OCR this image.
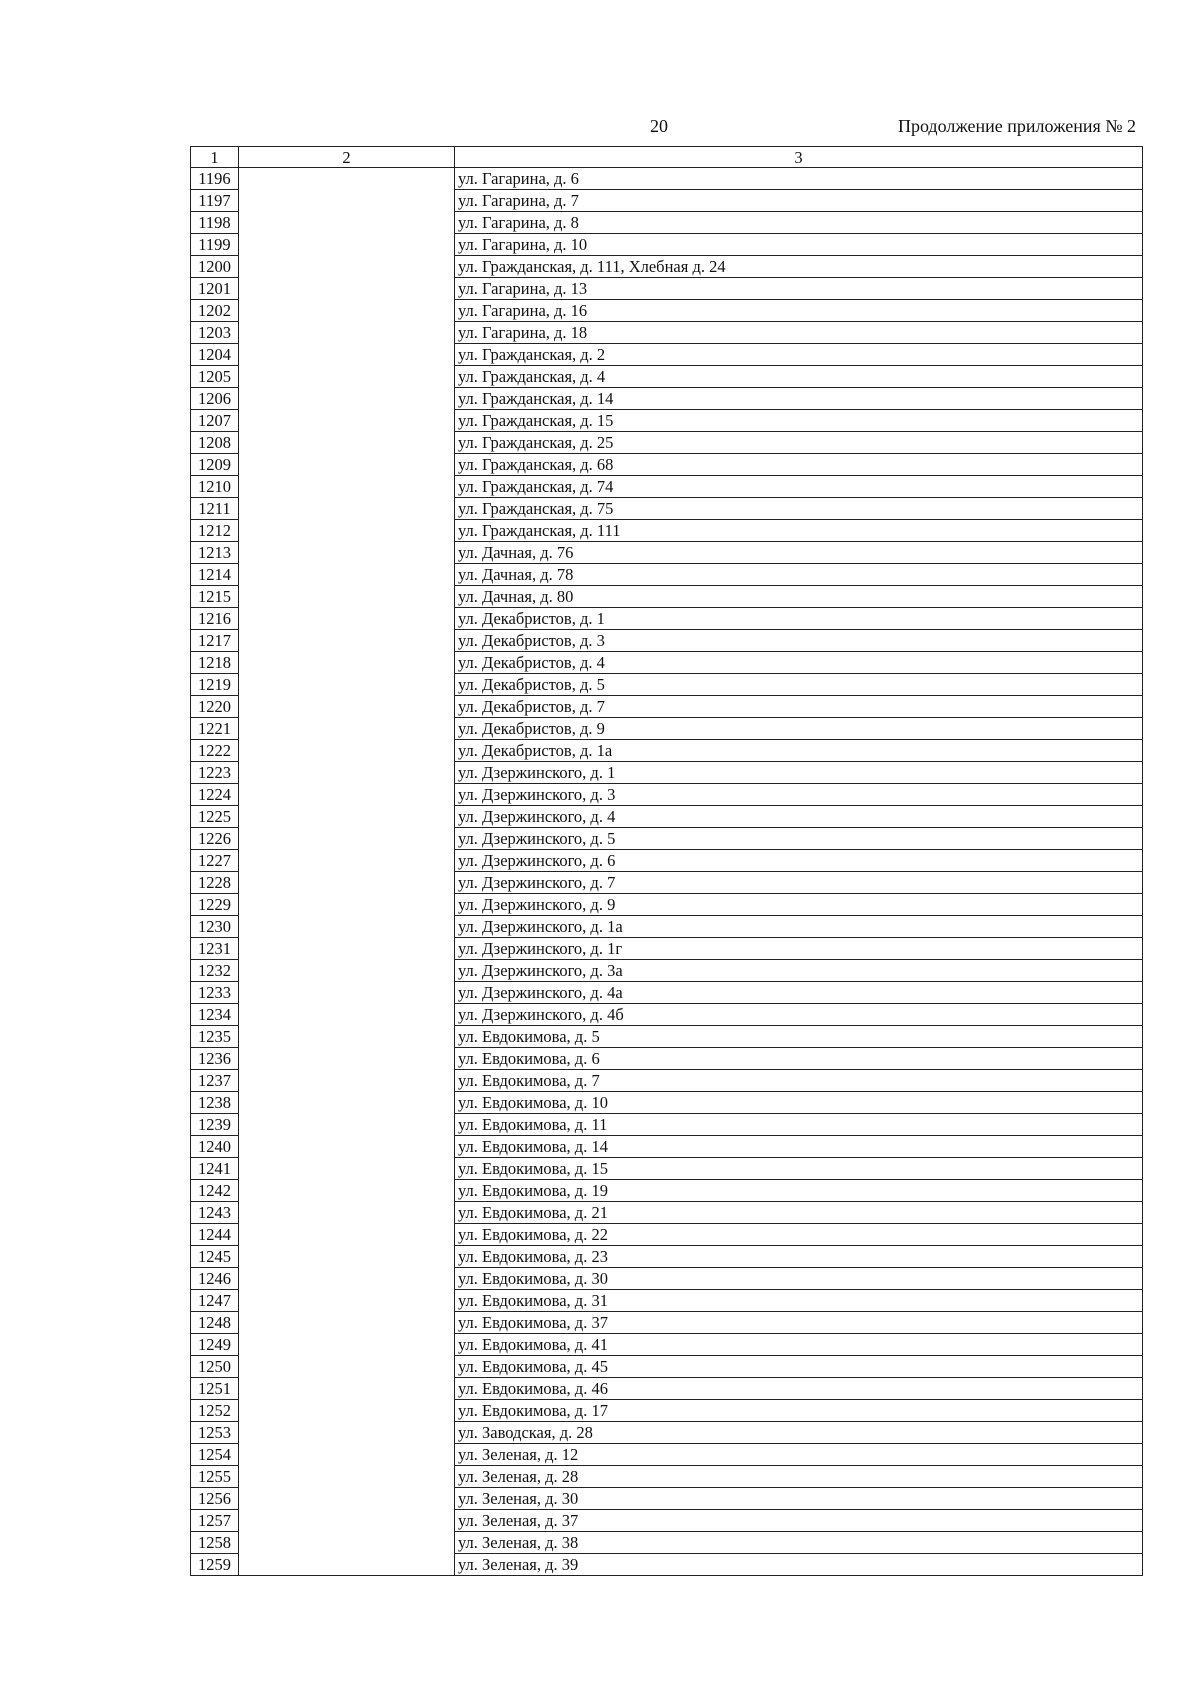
20	Продолжение приложения № 2
1	2	3
1196		ул. Гагарина, д. 6
1197		ул. Гагарина, д. 7
1198		ул. Гагарина, д. 8
1199		ул. Гагарина, д. 10
1200		ул. Гражданская, д. 111, Хлебная д. 24
1201		ул. Гагарина, д. 13
1202		ул. Гагарина, д. 16
1203		ул. Гагарина, д. 18
1204		ул. Гражданская, д. 2
1205		ул. Гражданская, д. 4
1206		ул. Гражданская, д. 14
1207		ул. Гражданская, д. 15
1208		ул. Гражданская, д. 25
1209		ул. Гражданская, д. 68
1210		ул. Гражданская, д. 74
1211		ул. Гражданская, д. 75
1212		ул. Гражданская, д. 111
1213		ул. Дачная, д. 76
1214		ул. Дачная, д. 78
1215		ул. Дачная, д. 80
1216		ул. Декабристов, д. 1
1217		ул. Декабристов, д. 3
1218		ул. Декабристов, д. 4
1219		ул. Декабристов, д. 5
1220		ул. Декабристов, д. 7
1221		ул. Декабристов, д. 9
1222		ул. Декабристов, д. 1а
1223		ул. Дзержинского, д. 1
1224		ул. Дзержинского, д. 3
1225		ул. Дзержинского, д. 4
1226		ул. Дзержинского, д. 5
1227		ул. Дзержинского, д. 6
1228		ул. Дзержинского, д. 7
1229		ул. Дзержинского, д. 9
1230		ул. Дзержинского, д. 1а
1231		ул. Дзержинского, д. 1г
1232		ул. Дзержинского, д. 3а
1233		ул. Дзержинского, д. 4а
1234		ул. Дзержинского, д. 4б
1235		ул. Евдокимова, д. 5
1236		ул. Евдокимова, д. 6
1237		ул. Евдокимова, д. 7
1238		ул. Евдокимова, д. 10
1239		ул. Евдокимова, д. 11
1240		ул. Евдокимова, д. 14
1241		ул. Евдокимова, д. 15
1242		ул. Евдокимова, д. 19
1243		ул. Евдокимова, д. 21
1244		ул. Евдокимова, д. 22
1245		ул. Евдокимова, д. 23
1246		ул. Евдокимова, д. 30
1247		ул. Евдокимова, д. 31
1248		ул. Евдокимова, д. 37
1249		ул. Евдокимова, д. 41
1250		ул. Евдокимова, д. 45
1251		ул. Евдокимова, д. 46
1252		ул. Евдокимова, д. 17
1253		ул. Заводская, д. 28
1254		ул. Зеленая, д. 12
1255		ул. Зеленая, д. 28
1256		ул. Зеленая, д. 30
1257		ул. Зеленая, д. 37
1258		ул. Зеленая, д. 38
1259		ул. Зеленая, д. 39
